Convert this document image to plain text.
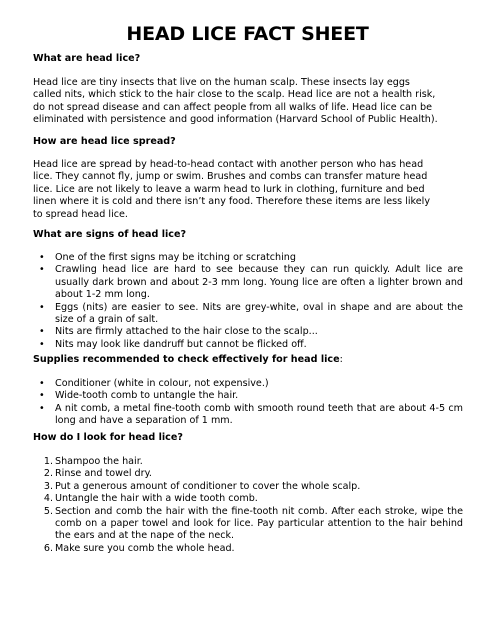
HEAD LICE FACT SHEET
What are head lice?

Head lice are tiny insects that live on the human scalp. These insects lay eggs

called nits, which stick to the hair close to the scalp. Head lice are not a health risk,

do not spread disease and can affect people from all walks of life. Head lice can be

eliminated with persistence and good information (Harvard School of Public Health).

How are head lice spread?

Head lice are spread by head-to-head contact with another person who has head

lice. They cannot fly, jump or swim. Brushes and combs can transfer mature head

lice. Lice are not likely to leave a warm head to lurk in clothing, furniture and bed

linen where it is cold and there isn’t any food. Therefore these items are less likely

to spread head lice.

What are signs of head lice?
• One of the first signs may be itching or scratching
• Crawling head lice are hard to see because they can run quickly. Adult lice are usually dark brown and about 2-3 mm long. Young lice are often a lighter brown and about 1-2 mm long.
• Eggs (nits) are easier to see. Nits are grey-white, oval in shape and are about the size of a grain of salt.
• Nits are firmly attached to the hair close to the scalp...
• Nits may look like dandruff but cannot be flicked off.
Supplies recommended to check effectively for head lice:
• Conditioner (white in colour, not expensive.)
• Wide-tooth comb to untangle the hair.
• A nit comb, a metal fine-tooth comb with smooth round teeth that are about 4-5 cm long and have a separation of 1 mm.
How do I look for head lice?
1. Shampoo the hair.
2. Rinse and towel dry.
3. Put a generous amount of conditioner to cover the whole scalp.
4. Untangle the hair with a wide tooth comb.
5. Section and comb the hair with the fine-tooth nit comb. After each stroke, wipe the comb on a paper towel and look for lice. Pay particular attention to the hair behind the ears and at the nape of the neck.
6. Make sure you comb the whole head.
